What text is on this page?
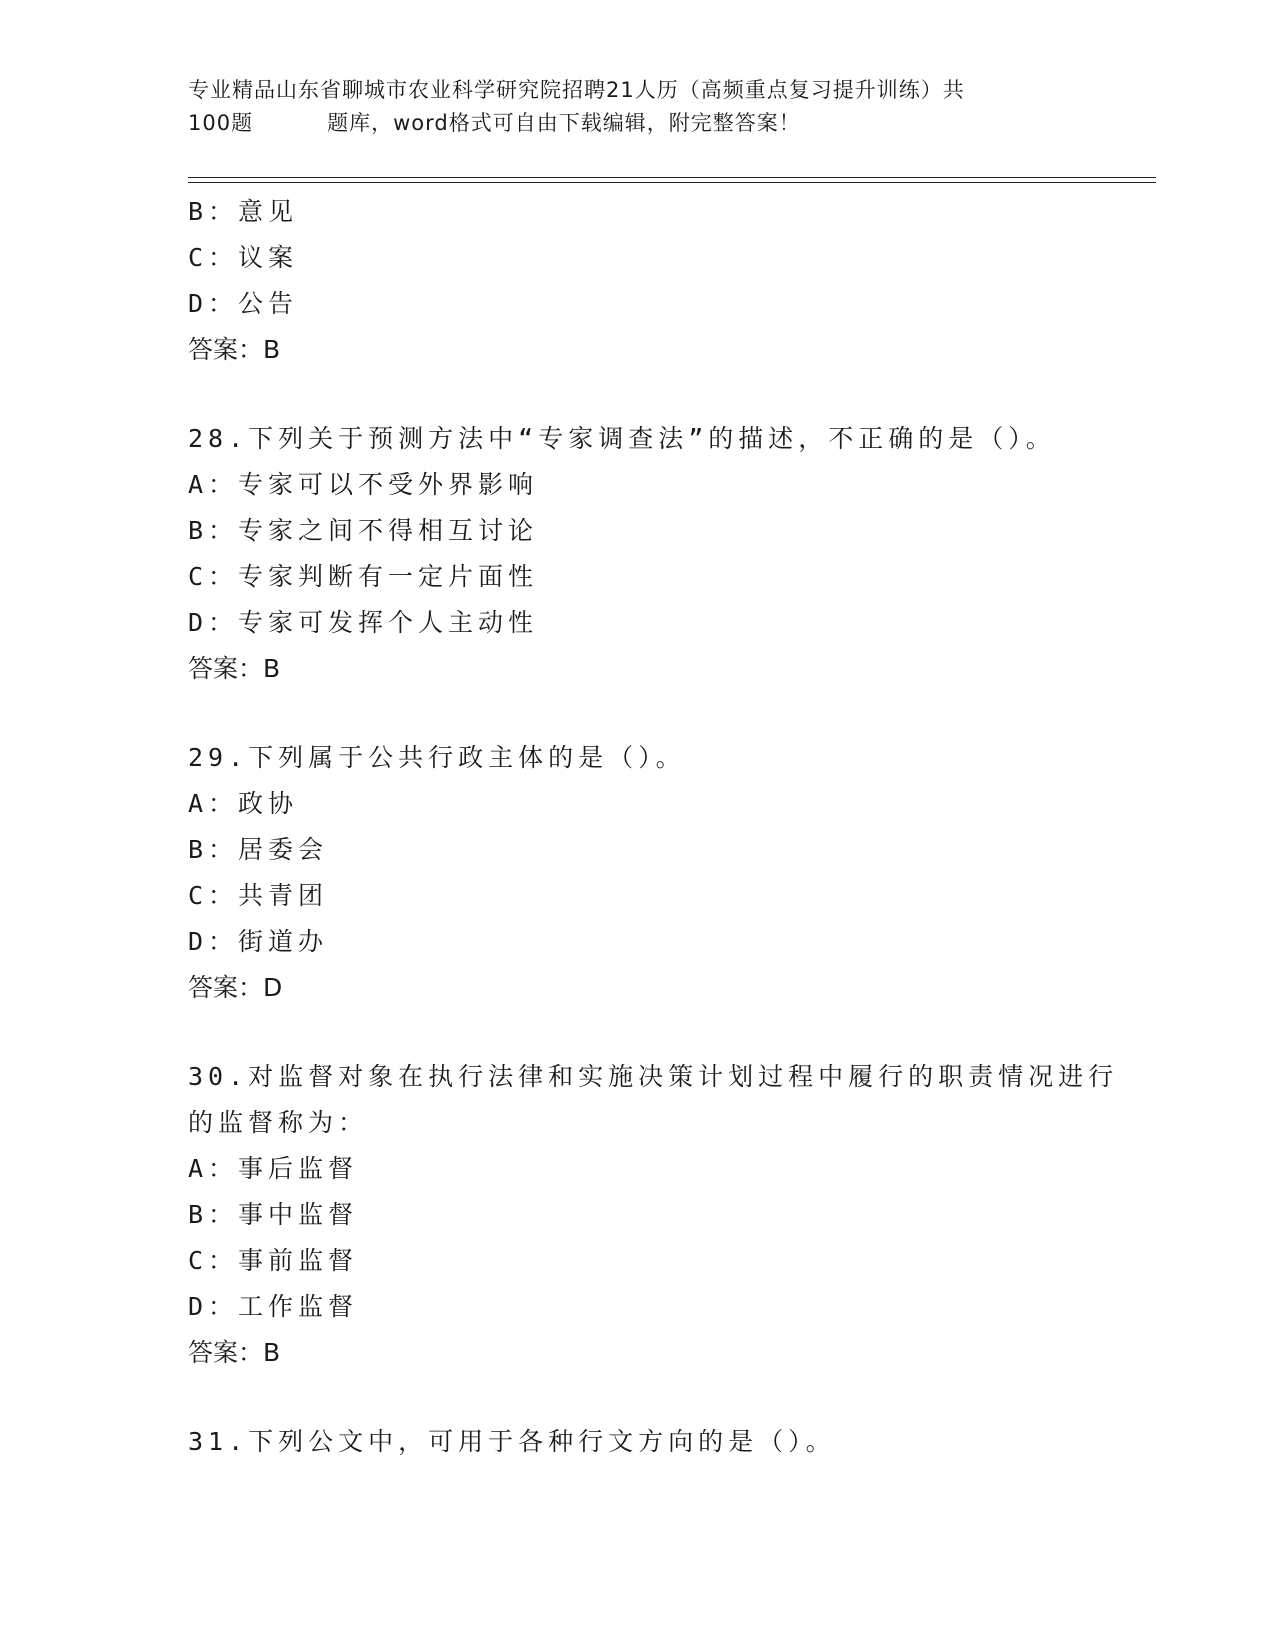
专业精品山东省聊城市农业科学研究院招聘21人历（高频重点复习提升训练）共
100题	题库，word格式可自由下载编辑，附完整答案！
B：意见
C：议案
D：公告
答案：B
28.下列关于预测方法中“专家调查法”的描述，不正确的是（）。
A：专家可以不受外界影响
B：专家之间不得相互讨论
C：专家判断有一定片面性
D：专家可发挥个人主动性
答案：B
29.下列属于公共行政主体的是（）。
A：政协
B：居委会
C：共青团
D：街道办
答案：D
30.对监督对象在执行法律和实施决策计划过程中履行的职责情况进行
的监督称为：
A：事后监督
B：事中监督
C：事前监督
D：工作监督
答案：B
31.下列公文中，可用于各种行文方向的是（）。
